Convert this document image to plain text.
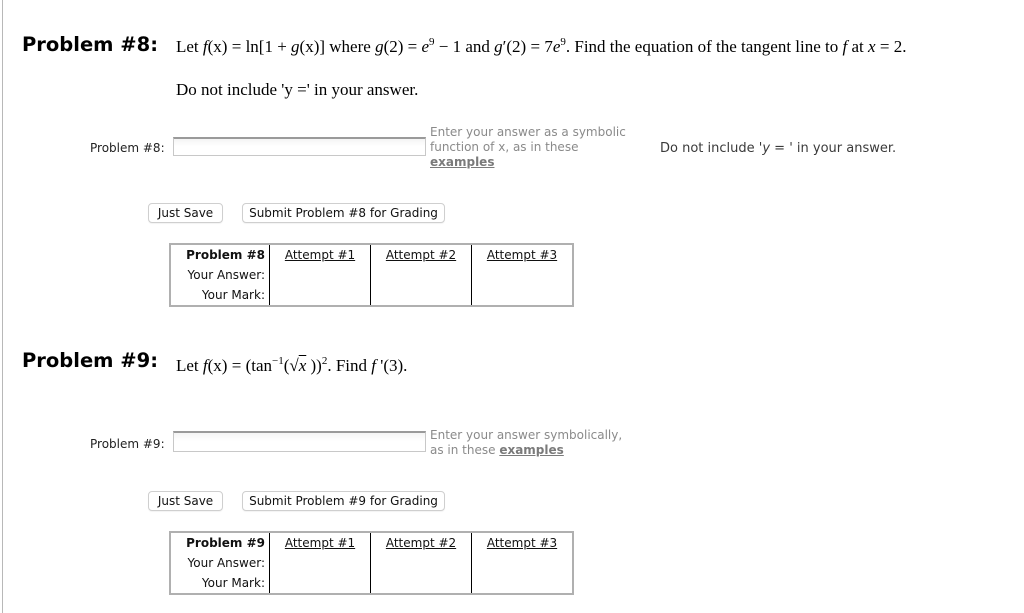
Problem #8: Let f(x) = ln[1 + g(x)] where $g(2) = e^9 - 1$ and $g'(2) = 7e^9$. Find the equation of the tangent line to f at x = 2.
Do not include 'y =' in your answer.
Problem #8:
Enter your answer as a symbolic
function of x, as in these
examples
Do not include 'y = ' in your answer.
Just Save	Submit Problem #8 for Grading
Problem #8	Attempt #1	Attempt #2	Attempt #3
Your Answer:			
Your Mark:			
Problem #9: Let $f(x) = (\tan^{-1}(√x$ ))$^2$. Find f '(3).
Problem #9:
Enter your answer symbolically,
as in these examples
Just Save	Submit Problem #9 for Grading
Problem #9	Attempt #1	Attempt #2	Attempt #3
Your Answer:			
Your Mark:			
